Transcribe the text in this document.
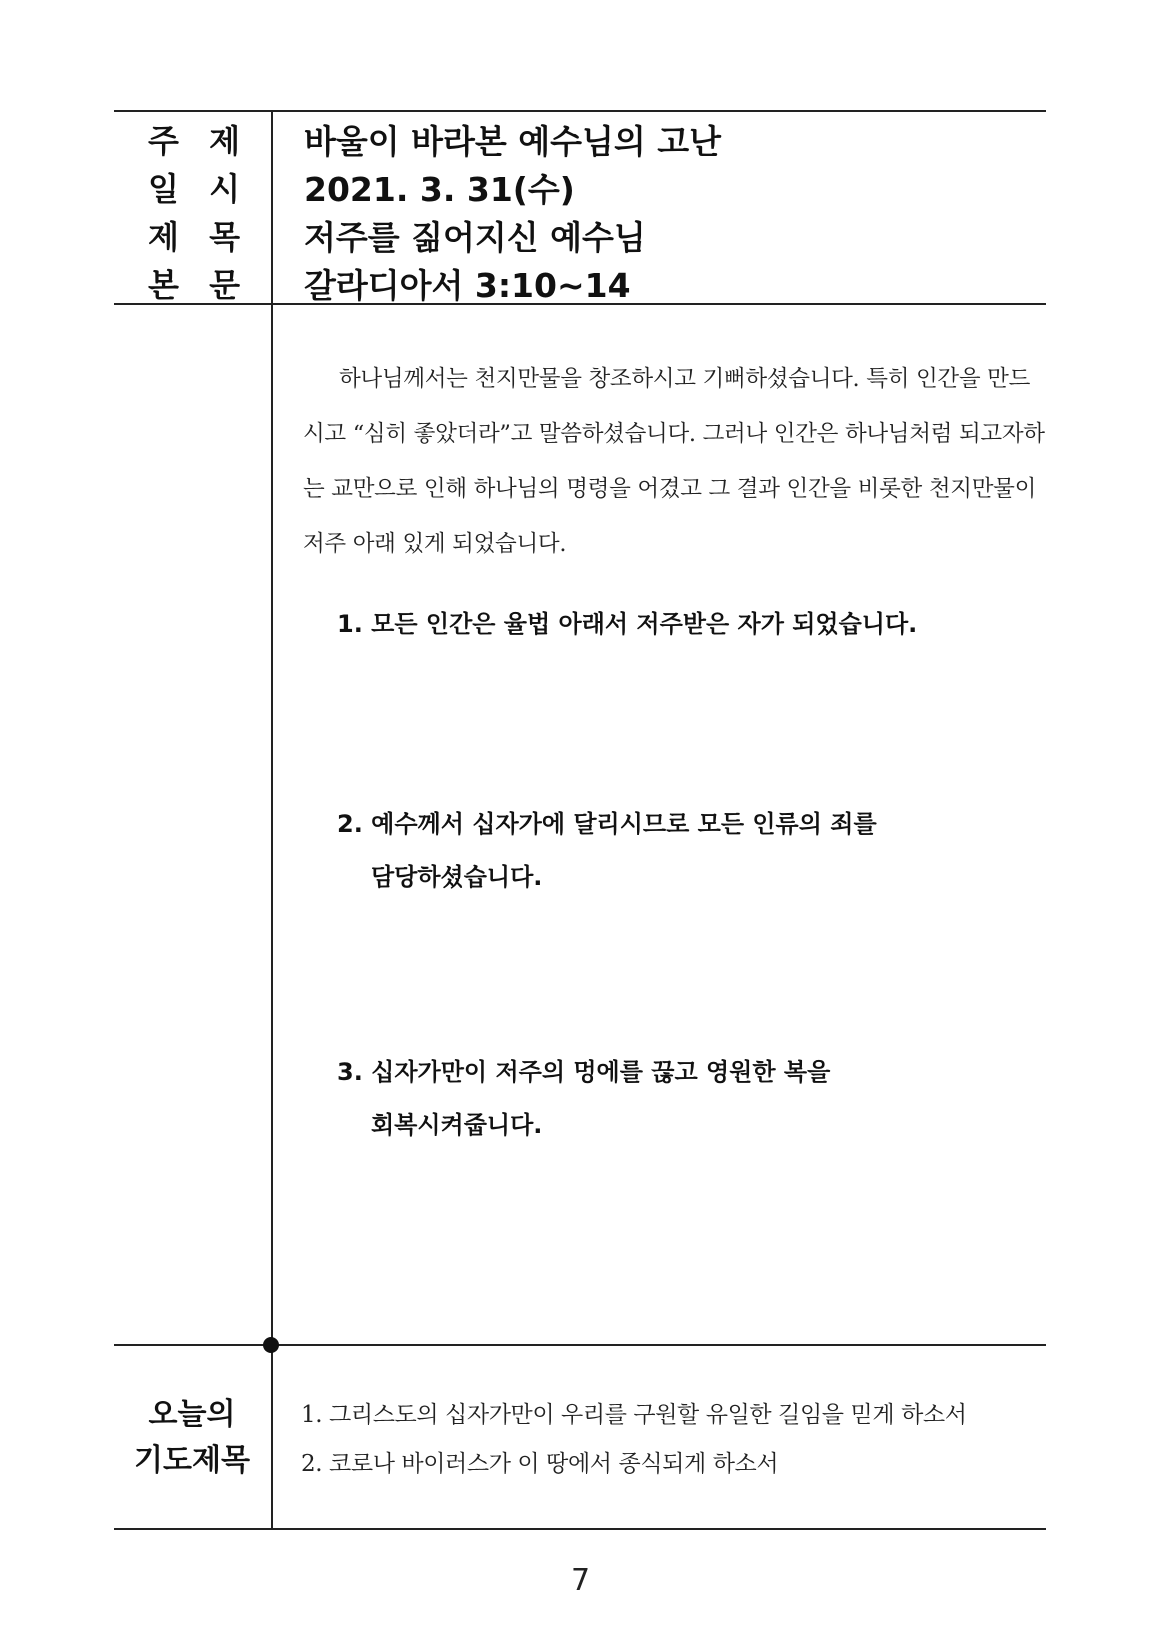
주 제
일 시
제 목
본 문
바울이 바라본 예수님의 고난
2021. 3. 31(수)
저주를 짊어지신 예수님
갈라디아서 3:10~14
하나님께서는 천지만물을 창조하시고 기뻐하셨습니다. 특히 인간을 만드시고 “심히 좋았더라”고 말씀하셨습니다. 그러나 인간은 하나님처럼 되고자하는 교만으로 인해 하나님의 명령을 어겼고 그 결과 인간을 비롯한 천지만물이 저주 아래 있게 되었습니다.
1. 모든 인간은 율법 아래서 저주받은 자가 되었습니다.
2. 예수께서 십자가에 달리시므로 모든 인류의 죄를
담당하셨습니다.
3. 십자가만이 저주의 멍에를 끊고 영원한 복을
회복시켜줍니다.
오늘의
기도제목
1. 그리스도의 십자가만이 우리를 구원할 유일한 길임을 믿게 하소서
2. 코로나 바이러스가 이 땅에서 종식되게 하소서
7
